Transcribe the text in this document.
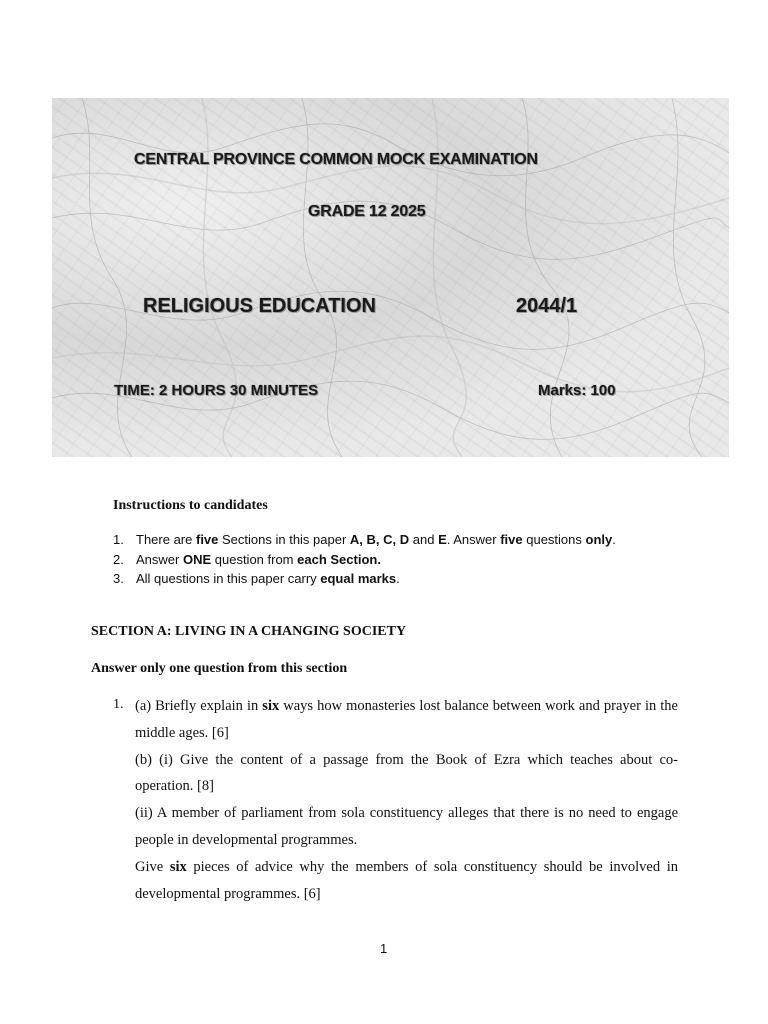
CENTRAL PROVINCE COMMON MOCK EXAMINATION
GRADE 12 2025
RELIGIOUS EDUCATION	2044/1
TIME: 2 HOURS 30 MINUTES	Marks: 100
Instructions to candidates
1. There are five Sections in this paper A, B, C, D and E. Answer five questions only.
2. Answer ONE question from each Section.
3. All questions in this paper carry equal marks.
SECTION A: LIVING IN A CHANGING SOCIETY
Answer only one question from this section
1. (a) Briefly explain in six ways how monasteries lost balance between work and prayer in the middle ages. [6]

(b) (i) Give the content of a passage from the Book of Ezra which teaches about co-operation. [8]

(ii) A member of parliament from sola constituency alleges that there is no need to engage people in developmental programmes.

Give six pieces of advice why the members of sola constituency should be involved in developmental programmes. [6]

1
